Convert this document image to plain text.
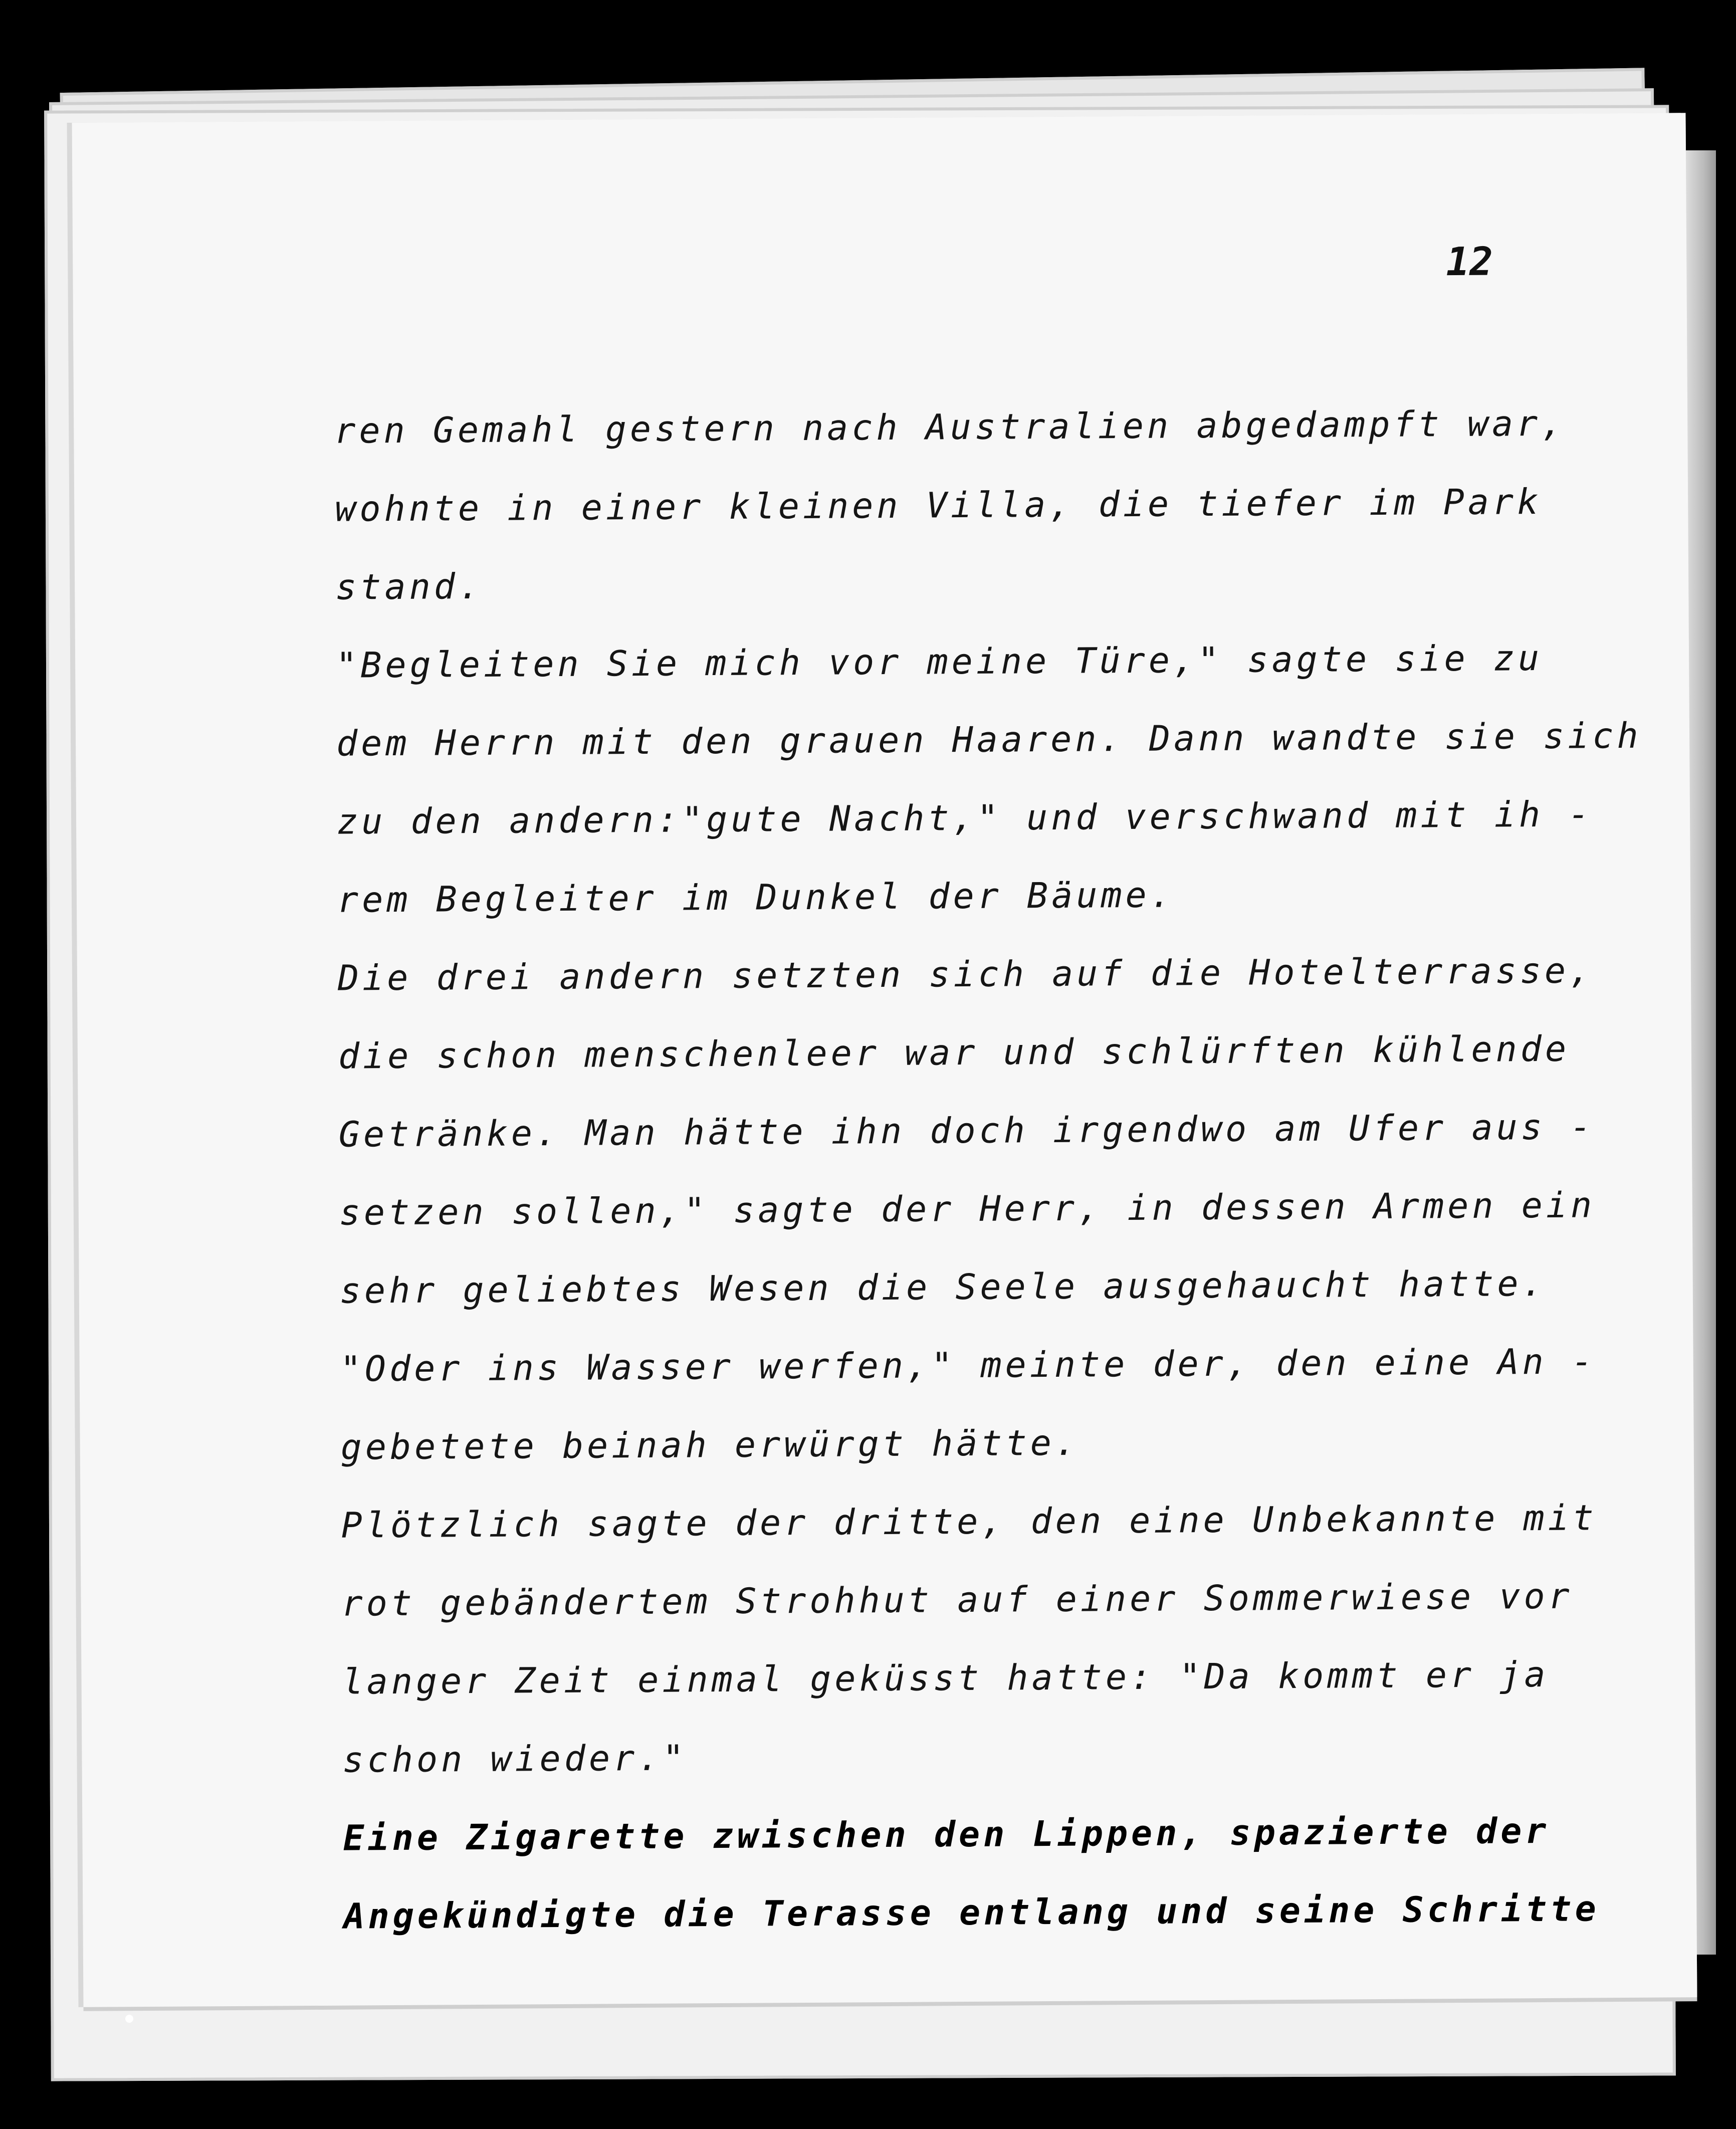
12
ren Gemahl gestern nach Australien abgedampft war,
wohnte in einer kleinen Villa, die tiefer im Park
stand.
"Begleiten Sie mich vor meine Türe," sagte sie zu
dem Herrn mit den grauen Haaren. Dann wandte sie sich
zu den andern:"gute Nacht," und verschwand mit ih -
rem Begleiter im Dunkel der Bäume.
Die drei andern setzten sich auf die Hotelterrasse,
die schon menschenleer war und schlürften kühlende
Getränke. Man hätte ihn doch irgendwo am Ufer aus -
setzen sollen," sagte der Herr, in dessen Armen ein
sehr geliebtes Wesen die Seele ausgehaucht hatte.
"Oder ins Wasser werfen," meinte der, den eine An -
gebetete beinah erwürgt hätte.
Plötzlich sagte der dritte, den eine Unbekannte mit
rot gebändertem Strohhut auf einer Sommerwiese vor
langer Zeit einmal geküsst hatte: "Da kommt er ja
schon wieder."
Eine Zigarette zwischen den Lippen, spazierte der
Angekündigte die Terasse entlang und seine Schritte
